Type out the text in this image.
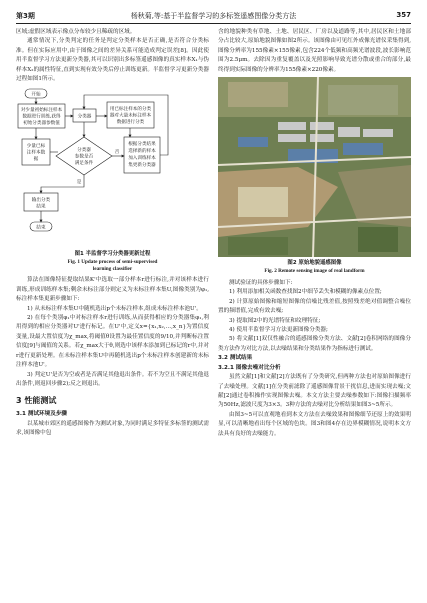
第3期	杨秋菊,等:基于半监督学习的多标签遥感图像分类方法	357

区域;虚假区域表示像点分布较少且稀疏的区域。

通常情况下,分类判定的任务是判定分类样本是否正确,是否符合分类标准。但在实际应用中,由于图像之间的差异关系可能造成判定误差[8]。因此使用半监督学习方法更新分类器,其可以识别出多标签遥感图像的真实样本X₁与伪样本X₂的属性特征,直到实现有效分类后停止训练更新。半监督学习更新分类器过程如图1所示。

开始
对少量初始标注样本
数据进行训练,获得
初始分类器参数值
分类器
用已标注样本的分类
器对大量未标注样本
数据进行分类
少量已标
注样本数
据
分类器
参数是否
满足条件
根据分类结果
选择新的样本
加入训练样本
集更新分类器
输出分类
结果
结束
否
是
图1 半监督学习分类器更新过程
Fig. 1 Update process of semi-supervised
learning classifier

算法在图像特征提取结果K'中选取一部分样本r进行标注,并对该样本进行训练,形成训练样本集;剩余未标注部分则定义为未标注样本集U,图像类别为φ₁,标注样本集更新步骤如下:

1) 从未标注样本集U中随机选出p个未标注样本,组成未标注样本池U'。

2) 在每个类别φ₁中对标注样本r进行训练,从而获得相应的分类器集φ₁,利用得到的相应分类器对U'进行标记。在U'中,定义x={x₁,x₂,…,x_n}为置信度变量,设最大置信度为χ_max,将阈值θ设置为最佳置信度的9/10,并判断标注置信度[9]与阈值的关系。若χ_max大于θ,则选中该样本添加到已标记的r中,并对r进行更新处理。在未标注样本集U中再随机选出p个未标注样本创建新的未标注样本池U'。

3) 判定U'是否为空或者是否满足其他退出条件。若不为空且不满足其他退出条件,则返回步骤2);反之则退出。

3 性能测试
3.1 测试环境及步骤

以某城市郊区的遥感图像作为测试对象,为同时满足多特征多标签的测试需求,该图像中包

含的地貌种类有草地、土地、居民区、厂房以及道路等,其中,居民区和土地部分占比较大,原始地貌图像如图2所示。该图像由可见红外成像光谱仪采集得到,图像分辨率为155像素×155像素,包含224个低频和高频光谱波段,波长影响范围为2.5μm。去除因为重复覆盖以及光照影响导致光谱分散或重合的部分,最终得到实际图像的分辨率为155像素×220像素。

图2 原始地貌遥感图像
Fig. 2 Remote sensing image of real landform

测试验证的具体步骤如下:

1) 利用添加相关函数查找图2中细节丢失和模糊的像素点位置;

2) 计算原始图像和缩短图像的信噪比残差值,按照残差绝对值调整合噪位置的频谱值,完成有效去噪;

3) 提取图2中的光谱特征和纹理特征;

4) 使用半监督学习方法更新图像分类器;

5) 将文献[1]双仅性融合的遥感图像分类方法、文献[2]卷积网络的图像分类方法作为对比方法,以去噪结果和分类结果作为指标进行测试。

3.2 测试结果
3.2.1 图像去噪对比分析

虽然文献[1]和文献[2]方法既有了分类研究,但两种方法也对原始图像进行了去噪处理。文献[1]在分类前滤除了遥感图像背景干扰信息,进而实现去噪;文献[2]通过卷积操作实现图像去噪。本文方法主要去噪参数如下:图像扫描频率为50Hz,滤波尺度为3×3。3种方法的去噪对比分析结果如图3~5所示。

由图3~5可以直观地看到本文方法在去噪效果和图像细节还原上的效果明显,可以清晰地看出每个区域的色块。图3和图4存在边界模糊情况,说明本文方法具有良好的去噪能力。
